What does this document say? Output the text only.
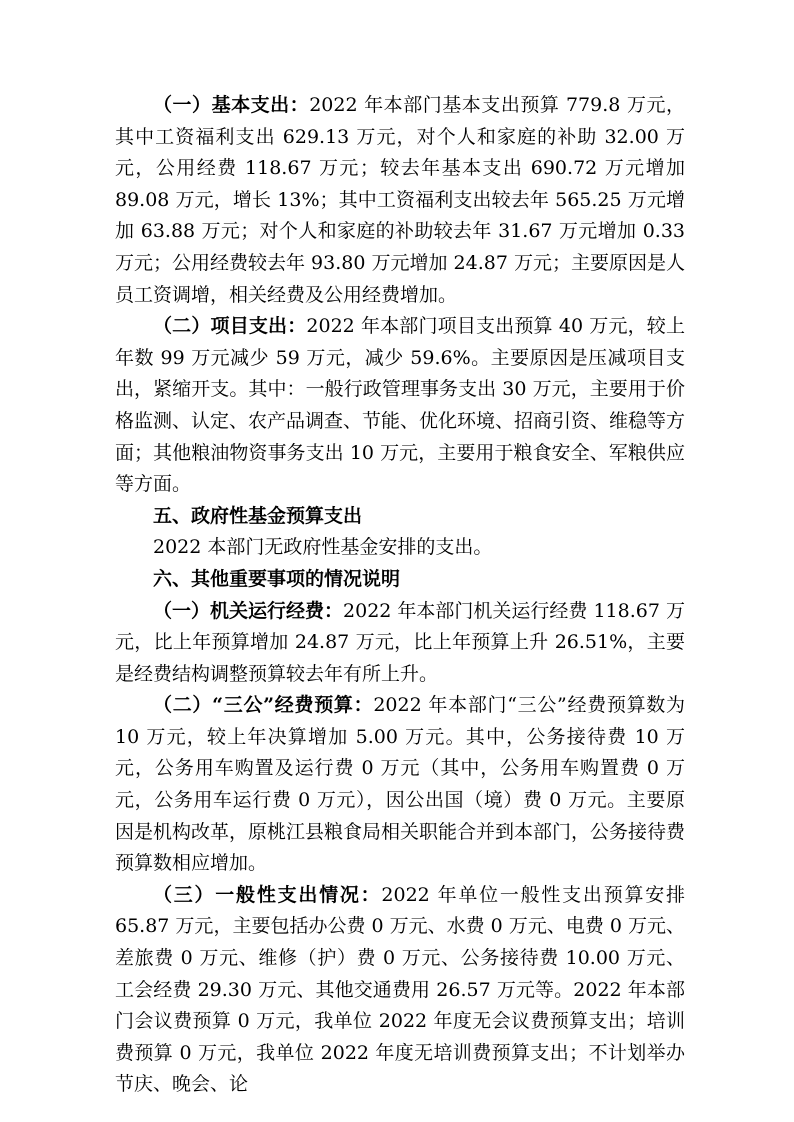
（一）基本支出：2022 年本部门基本支出预算 779.8 万元，其中工资福利支出 629.13 万元，对个人和家庭的补助 32.00 万元，公用经费 118.67 万元；较去年基本支出 690.72 万元增加 89.08 万元，增长 13%；其中工资福利支出较去年 565.25 万元增加 63.88 万元；对个人和家庭的补助较去年 31.67 万元增加 0.33 万元；公用经费较去年 93.80 万元增加 24.87 万元；主要原因是人员工资调增，相关经费及公用经费增加。

（二）项目支出：2022 年本部门项目支出预算 40 万元，较上年数 99 万元减少 59 万元，减少 59.6%。主要原因是压减项目支出，紧缩开支。其中：一般行政管理事务支出 30 万元，主要用于价格监测、认定、农产品调查、节能、优化环境、招商引资、维稳等方面；其他粮油物资事务支出 10 万元，主要用于粮食安全、军粮供应等方面。

五、政府性基金预算支出

2022 本部门无政府性基金安排的支出。

六、其他重要事项的情况说明

（一）机关运行经费：2022 年本部门机关运行经费 118.67 万元，比上年预算增加 24.87 万元，比上年预算上升 26.51%，主要是经费结构调整预算较去年有所上升。

（二）“三公”经费预算：2022 年本部门“三公”经费预算数为 10 万元，较上年决算增加 5.00 万元。其中，公务接待费 10 万元，公务用车购置及运行费 0 万元（其中，公务用车购置费 0 万元，公务用车运行费 0 万元），因公出国（境）费 0 万元。主要原因是机构改革，原桃江县粮食局相关职能合并到本部门，公务接待费预算数相应增加。

（三）一般性支出情况：2022 年单位一般性支出预算安排 65.87 万元，主要包括办公费 0 万元、水费 0 万元、电费 0 万元、差旅费 0 万元、维修（护）费 0 万元、公务接待费 10.00 万元、工会经费 29.30 万元、其他交通费用 26.57 万元等。2022 年本部门会议费预算 0 万元，我单位 2022 年度无会议费预算支出；培训费预算 0 万元，我单位 2022 年度无培训费预算支出；不计划举办节庆、晚会、论
